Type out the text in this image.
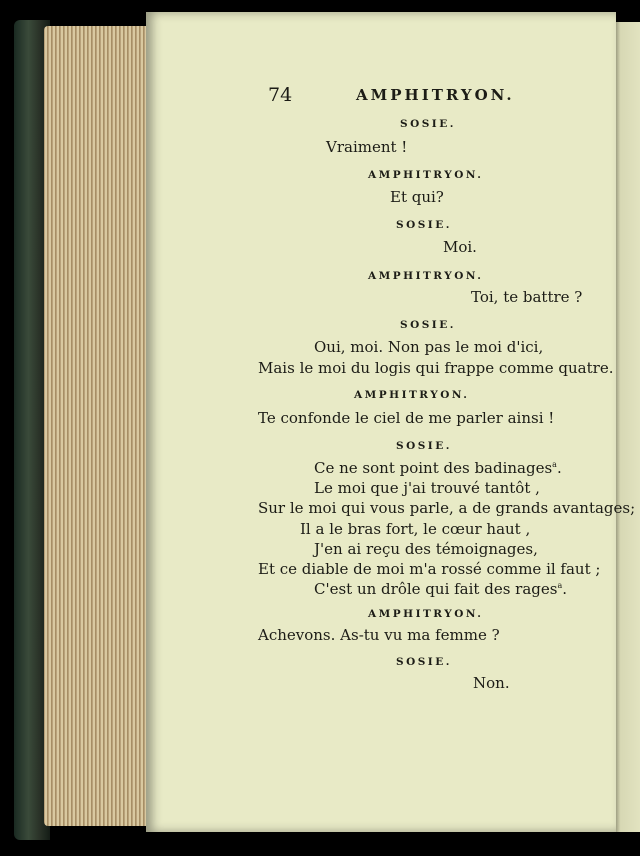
74	AMPHITRYON.
SOSIE.
Vraiment !
AMPHITRYON.
Et qui?
SOSIE.
Moi.
AMPHITRYON.
Toi, te battre ?
SOSIE.
Oui, moi. Non pas le moi d'ici,
Mais le moi du logis qui frappe comme quatre.
AMPHITRYON.
Te confonde le ciel de me parler ainsi !
SOSIE.
Ce ne sont point des badinages$^a$.
Le moi que j'ai trouvé tantôt ,
Sur le moi qui vous parle, a de grands avantages;
Il a le bras fort, le cœur haut ,
J'en ai reçu des témoignages,
Et ce diable de moi m'a rossé comme il faut ;
C'est un drôle qui fait des rages$^a$.
AMPHITRYON.
Achevons. As-tu vu ma femme ?
SOSIE.
Non.
